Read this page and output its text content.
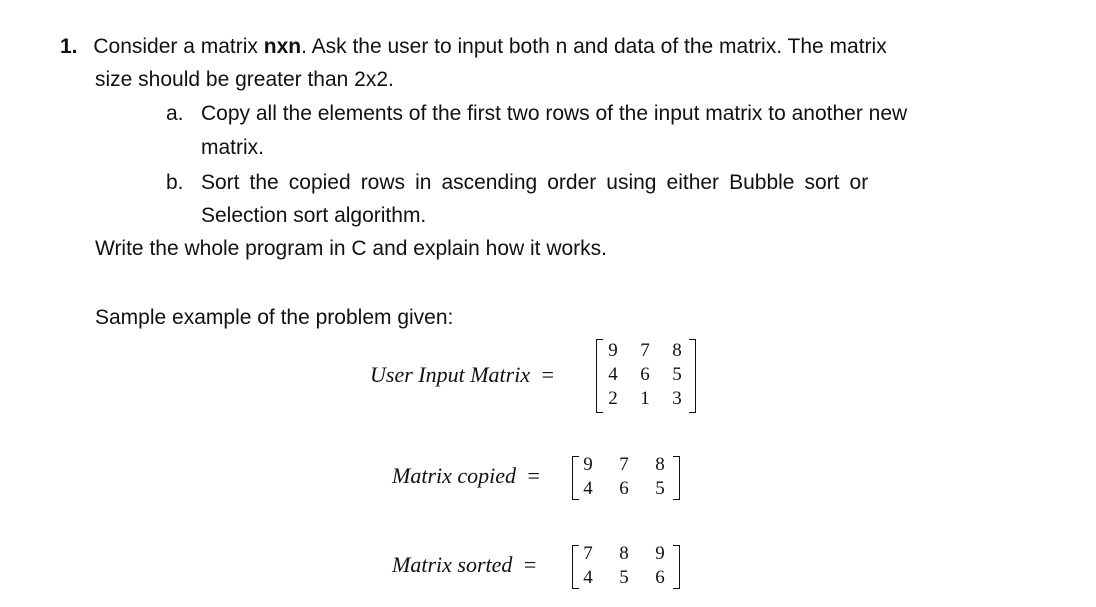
1. Consider a matrix nxn. Ask the user to input both n and data of the matrix. The matrix
size should be greater than 2x2.
a. Copy all the elements of the first two rows of the input matrix to another new
matrix.
b. Sort the copied rows in ascending order using either Bubble sort or
Selection sort algorithm.
Write the whole program in C and explain how it works.
Sample example of the problem given:
User Input Matrix =
9	7	8
4	6	5
2	1	3
Matrix copied =	9	7	8
4	6	5
Matrix sorted =	7	8	9
4	5	6
